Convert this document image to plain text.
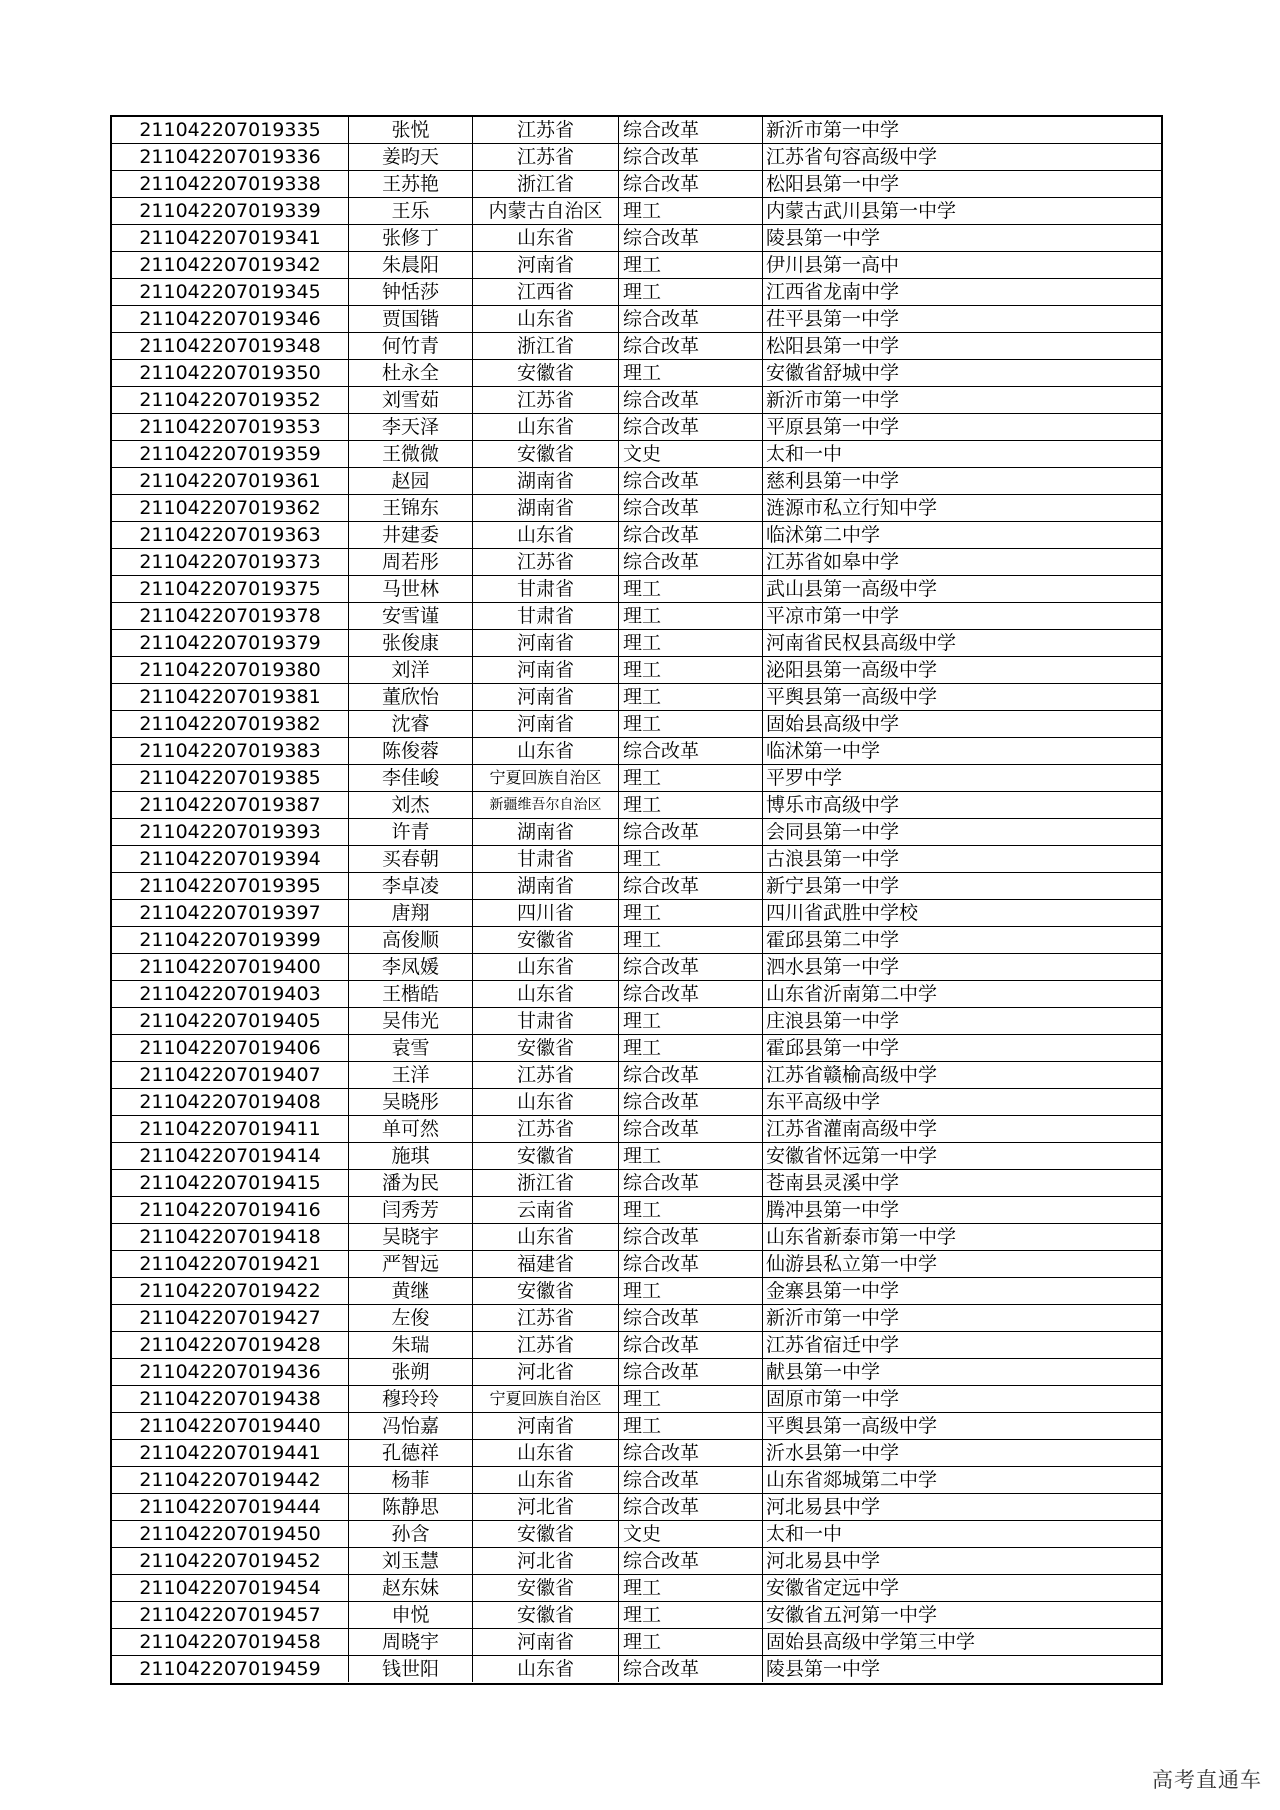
211042207019335	张悦	江苏省	综合改革	新沂市第一中学
211042207019336	姜昀天	江苏省	综合改革	江苏省句容高级中学
211042207019338	王苏艳	浙江省	综合改革	松阳县第一中学
211042207019339	王乐	内蒙古自治区	理工	内蒙古武川县第一中学
211042207019341	张修丁	山东省	综合改革	陵县第一中学
211042207019342	朱晨阳	河南省	理工	伊川县第一高中
211042207019345	钟恬莎	江西省	理工	江西省龙南中学
211042207019346	贾国锴	山东省	综合改革	茌平县第一中学
211042207019348	何竹青	浙江省	综合改革	松阳县第一中学
211042207019350	杜永全	安徽省	理工	安徽省舒城中学
211042207019352	刘雪茹	江苏省	综合改革	新沂市第一中学
211042207019353	李天泽	山东省	综合改革	平原县第一中学
211042207019359	王微微	安徽省	文史	太和一中
211042207019361	赵园	湖南省	综合改革	慈利县第一中学
211042207019362	王锦东	湖南省	综合改革	涟源市私立行知中学
211042207019363	井建委	山东省	综合改革	临沭第二中学
211042207019373	周若彤	江苏省	综合改革	江苏省如皋中学
211042207019375	马世林	甘肃省	理工	武山县第一高级中学
211042207019378	安雪谨	甘肃省	理工	平凉市第一中学
211042207019379	张俊康	河南省	理工	河南省民权县高级中学
211042207019380	刘洋	河南省	理工	泌阳县第一高级中学
211042207019381	董欣怡	河南省	理工	平舆县第一高级中学
211042207019382	沈睿	河南省	理工	固始县高级中学
211042207019383	陈俊蓉	山东省	综合改革	临沭第一中学
211042207019385	李佳峻	宁夏回族自治区	理工	平罗中学
211042207019387	刘杰	新疆维吾尔自治区	理工	博乐市高级中学
211042207019393	许青	湖南省	综合改革	会同县第一中学
211042207019394	买春朝	甘肃省	理工	古浪县第一中学
211042207019395	李卓凌	湖南省	综合改革	新宁县第一中学
211042207019397	唐翔	四川省	理工	四川省武胜中学校
211042207019399	高俊顺	安徽省	理工	霍邱县第二中学
211042207019400	李凤媛	山东省	综合改革	泗水县第一中学
211042207019403	王楷皓	山东省	综合改革	山东省沂南第二中学
211042207019405	吴伟光	甘肃省	理工	庄浪县第一中学
211042207019406	袁雪	安徽省	理工	霍邱县第一中学
211042207019407	王洋	江苏省	综合改革	江苏省赣榆高级中学
211042207019408	吴晓彤	山东省	综合改革	东平高级中学
211042207019411	单可然	江苏省	综合改革	江苏省灌南高级中学
211042207019414	施琪	安徽省	理工	安徽省怀远第一中学
211042207019415	潘为民	浙江省	综合改革	苍南县灵溪中学
211042207019416	闫秀芳	云南省	理工	腾冲县第一中学
211042207019418	吴晓宇	山东省	综合改革	山东省新泰市第一中学
211042207019421	严智远	福建省	综合改革	仙游县私立第一中学
211042207019422	黄继	安徽省	理工	金寨县第一中学
211042207019427	左俊	江苏省	综合改革	新沂市第一中学
211042207019428	朱瑞	江苏省	综合改革	江苏省宿迁中学
211042207019436	张朔	河北省	综合改革	献县第一中学
211042207019438	穆玲玲	宁夏回族自治区	理工	固原市第一中学
211042207019440	冯怡嘉	河南省	理工	平舆县第一高级中学
211042207019441	孔德祥	山东省	综合改革	沂水县第一中学
211042207019442	杨菲	山东省	综合改革	山东省郯城第二中学
211042207019444	陈静思	河北省	综合改革	河北易县中学
211042207019450	孙含	安徽省	文史	太和一中
211042207019452	刘玉慧	河北省	综合改革	河北易县中学
211042207019454	赵东妹	安徽省	理工	安徽省定远中学
211042207019457	申悦	安徽省	理工	安徽省五河第一中学
211042207019458	周晓宇	河南省	理工	固始县高级中学第三中学
211042207019459	钱世阳	山东省	综合改革	陵县第一中学
高考直通车
